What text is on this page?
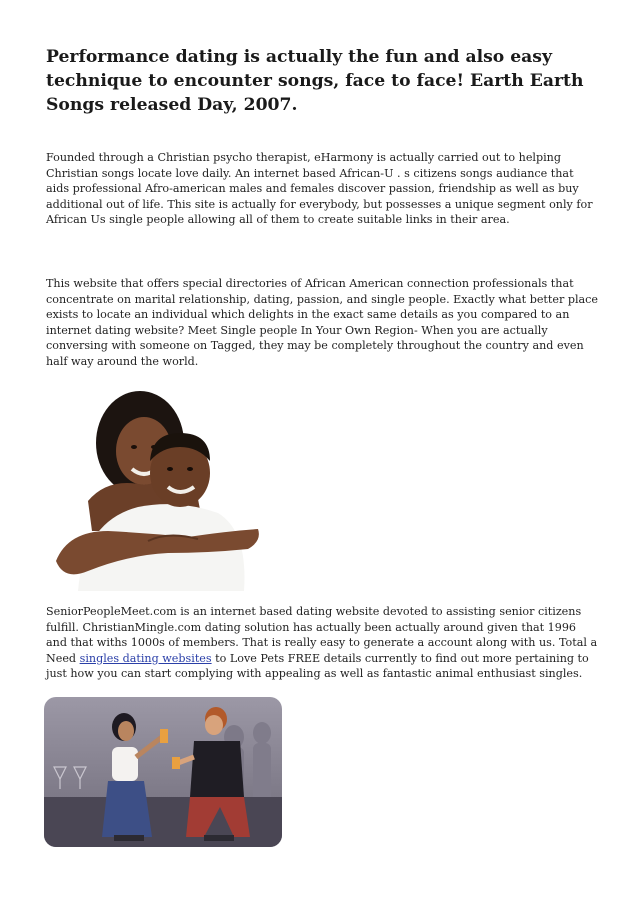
Performance dating is actually the fun and also easy technique to encounter songs, face to face! Earth Earth Songs released Day, 2007.

Founded through a Christian psycho therapist, eHarmony is actually carried out to helping Christian songs locate love daily. An internet based African-U . s citizens songs audiance that aids professional Afro-american males and females discover passion, friendship as well as buy additional out of life. This site is actually for everybody, but possesses a unique segment only for African Us single people allowing all of them to create suitable links in their area.

This website that offers special directories of African American connection professionals that concentrate on marital relationship, dating, passion, and single people. Exactly what better place exists to locate an individual which delights in the exact same details as you compared to an internet dating website? Meet Single people In Your Own Region- When you are actually conversing with someone on Tagged, they may be completely throughout the country and even half way around the world.

SeniorPeopleMeet.com is an internet based dating website devoted to assisting senior citizens fulfill. ChristianMingle.com dating solution has actually been actually around given that 1996 and that withs 1000s of members. That is really easy to generate a account along with us. Total a Need singles dating websites to Love Pets FREE details currently to find out more pertaining to just how you can start complying with appealing as well as fantastic animal enthusiast singles.
